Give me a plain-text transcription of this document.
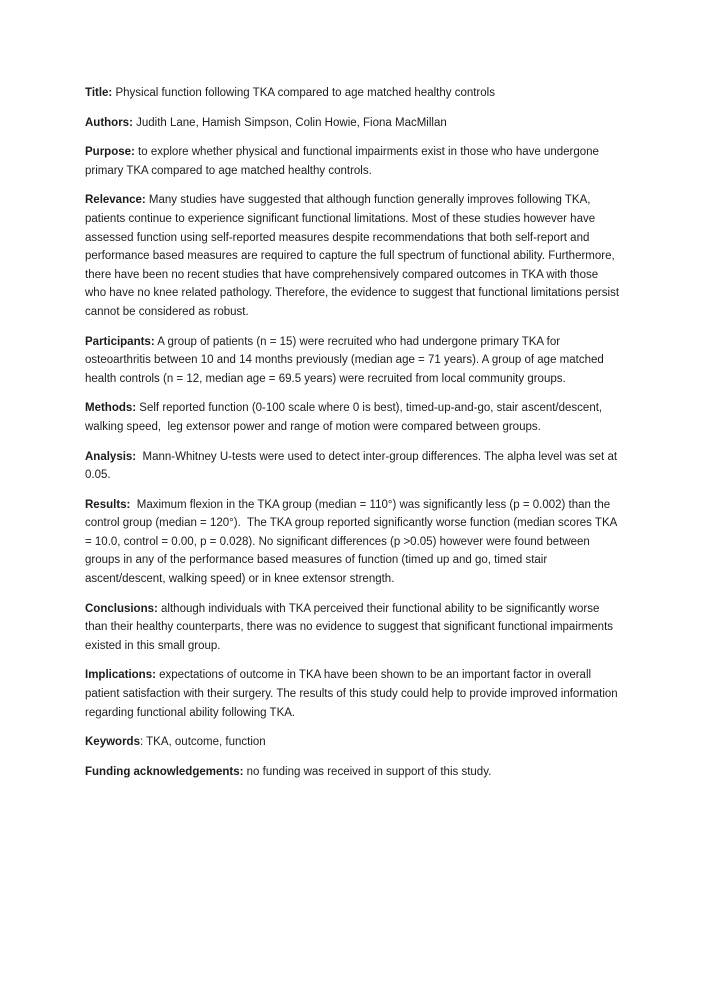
Title: Physical function following TKA compared to age matched healthy controls

Authors: Judith Lane, Hamish Simpson, Colin Howie, Fiona MacMillan

Purpose: to explore whether physical and functional impairments exist in those who have undergone primary TKA compared to age matched healthy controls.

Relevance: Many studies have suggested that although function generally improves following TKA, patients continue to experience significant functional limitations. Most of these studies however have assessed function using self-reported measures despite recommendations that both self-report and performance based measures are required to capture the full spectrum of functional ability. Furthermore, there have been no recent studies that have comprehensively compared outcomes in TKA with those who have no knee related pathology. Therefore, the evidence to suggest that functional limitations persist cannot be considered as robust.

Participants: A group of patients (n = 15) were recruited who had undergone primary TKA for osteoarthritis between 10 and 14 months previously (median age = 71 years). A group of age matched health controls (n = 12, median age = 69.5 years) were recruited from local community groups.

Methods: Self reported function (0-100 scale where 0 is best), timed-up-and-go, stair ascent/descent, walking speed,  leg extensor power and range of motion were compared between groups.

Analysis:  Mann-Whitney U-tests were used to detect inter-group differences. The alpha level was set at 0.05.

Results:  Maximum flexion in the TKA group (median = 110°) was significantly less (p = 0.002) than the control group (median = 120°).  The TKA group reported significantly worse function (median scores TKA = 10.0, control = 0.00, p = 0.028). No significant differences (p >0.05) however were found between groups in any of the performance based measures of function (timed up and go, timed stair ascent/descent, walking speed) or in knee extensor strength.

Conclusions: although individuals with TKA perceived their functional ability to be significantly worse than their healthy counterparts, there was no evidence to suggest that significant functional impairments existed in this small group.

Implications: expectations of outcome in TKA have been shown to be an important factor in overall patient satisfaction with their surgery. The results of this study could help to provide improved information regarding functional ability following TKA.

Keywords: TKA, outcome, function

Funding acknowledgements: no funding was received in support of this study.
